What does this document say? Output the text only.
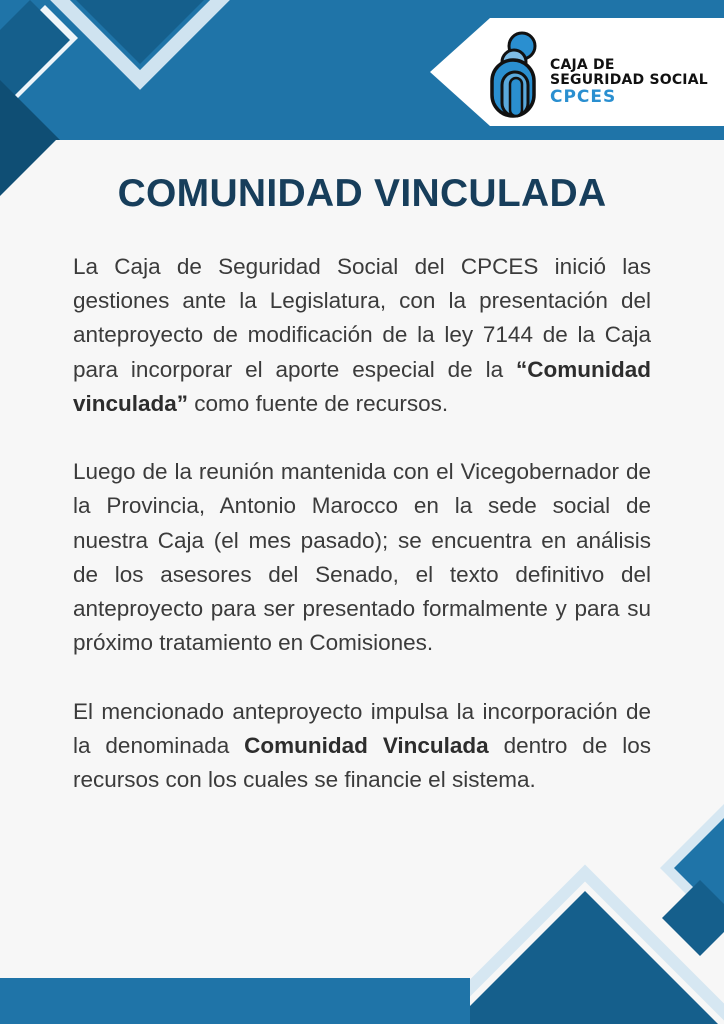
CAJA DE
SEGURIDAD SOCIAL
CPCES
COMUNIDAD VINCULADA

La Caja de Seguridad Social del CPCES inició las gestiones ante la Legislatura, con la presentación del anteproyecto de modificación de la ley 7144 de la Caja para incorporar el aporte especial de la “Comunidad vinculada” como fuente de recursos.

Luego de la reunión mantenida con el Vicegobernador de la Provincia, Antonio Marocco en la sede social de nuestra Caja (el mes pasado); se encuentra en análisis de los asesores del Senado, el texto definitivo del anteproyecto para ser presentado formalmente y para su próximo tratamiento en Comisiones.

El mencionado anteproyecto impulsa la incorporación de la denominada Comunidad Vinculada dentro de los recursos con los cuales se financie el sistema.
